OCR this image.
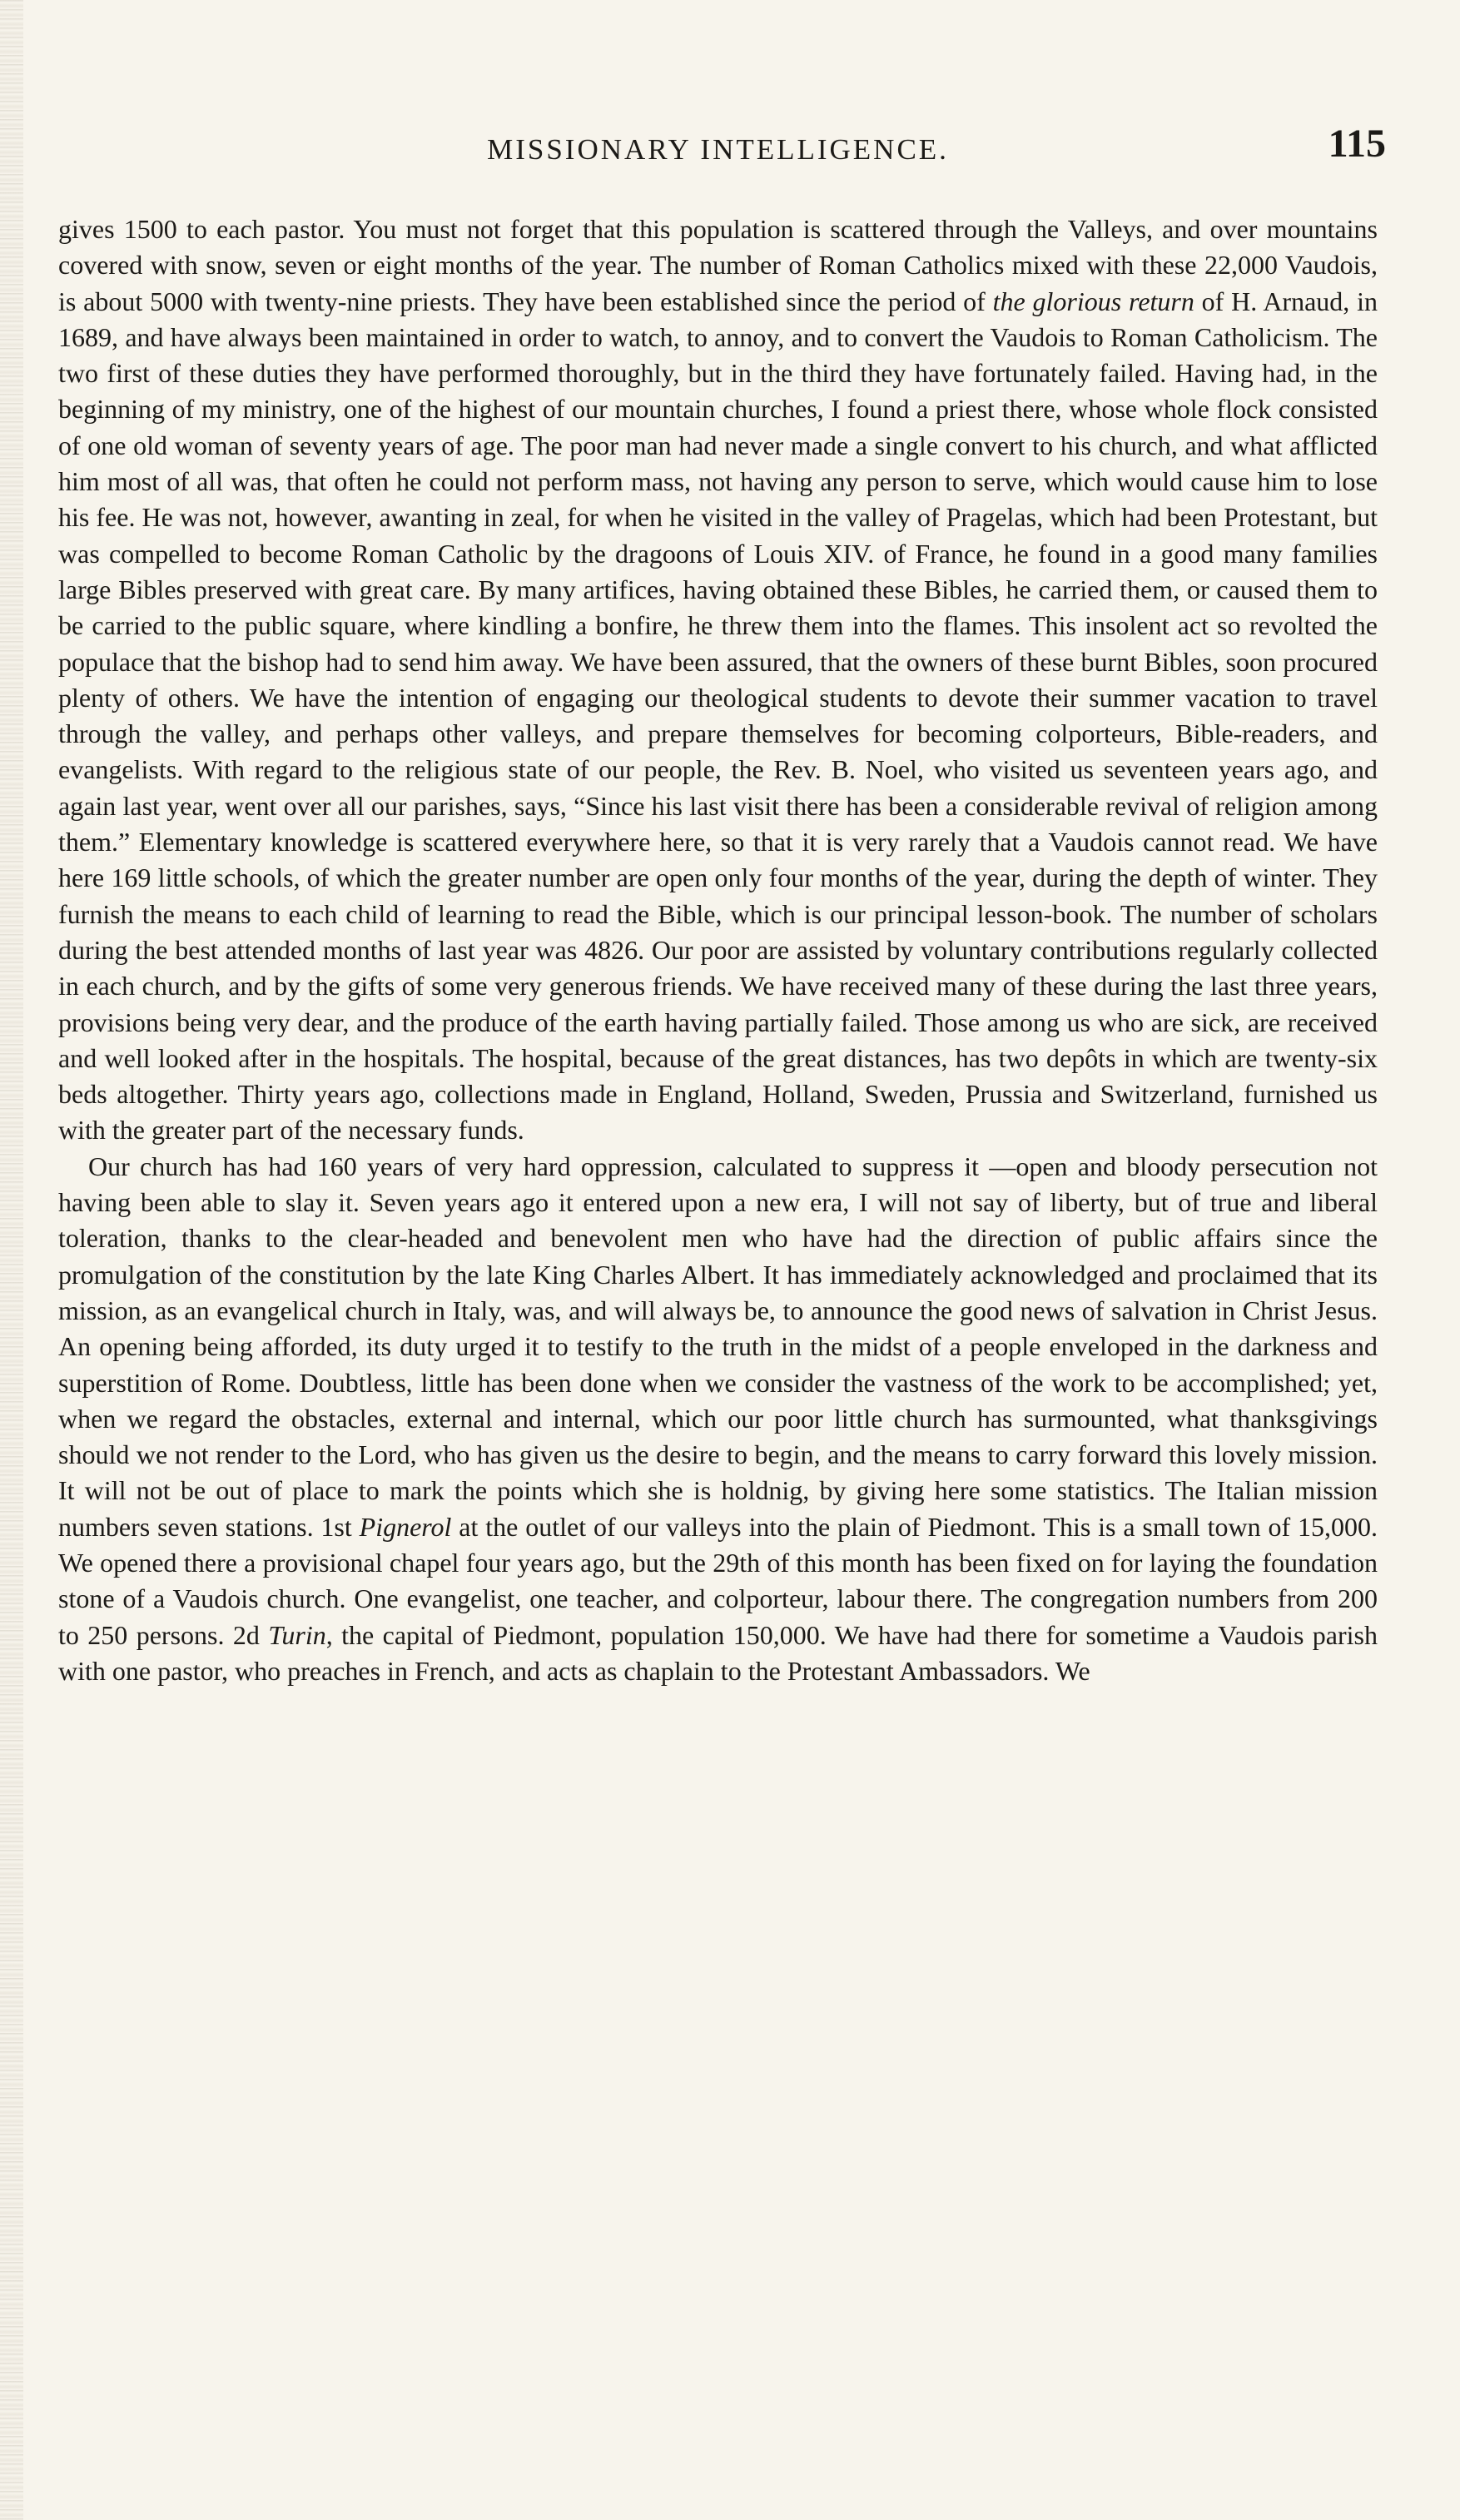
MISSIONARY INTELLIGENCE.	115

gives 1500 to each pastor. You must not forget that this population is scattered through the Valleys, and over mountains covered with snow, seven or eight months of the year. The number of Roman Catholics mixed with these 22,000 Vaudois, is about 5000 with twenty-nine priests. They have been established since the period of the glorious return of H. Arnaud, in 1689, and have always been maintained in order to watch, to annoy, and to convert the Vaudois to Roman Catholicism. The two first of these duties they have performed thoroughly, but in the third they have fortunately failed. Having had, in the beginning of my ministry, one of the highest of our mountain churches, I found a priest there, whose whole flock consisted of one old woman of seventy years of age. The poor man had never made a single convert to his church, and what afflicted him most of all was, that often he could not perform mass, not having any person to serve, which would cause him to lose his fee. He was not, however, awanting in zeal, for when he visited in the valley of Pragelas, which had been Protestant, but was compelled to become Roman Catholic by the dragoons of Louis XIV. of France, he found in a good many families large Bibles preserved with great care. By many artifices, having obtained these Bibles, he carried them, or caused them to be carried to the public square, where kindling a bonfire, he threw them into the flames. This insolent act so revolted the populace that the bishop had to send him away. We have been assured, that the owners of these burnt Bibles, soon procured plenty of others. We have the intention of engaging our theological students to devote their summer vacation to travel through the valley, and perhaps other valleys, and prepare themselves for becoming colporteurs, Bible-readers, and evangelists. With regard to the religious state of our people, the Rev. B. Noel, who visited us seventeen years ago, and again last year, went over all our parishes, says, “Since his last visit there has been a considerable revival of religion among them.” Elementary knowledge is scattered everywhere here, so that it is very rarely that a Vaudois cannot read. We have here 169 little schools, of which the greater number are open only four months of the year, during the depth of winter. They furnish the means to each child of learning to read the Bible, which is our principal lesson-book. The number of scholars during the best attended months of last year was 4826. Our poor are assisted by voluntary contributions regularly collected in each church, and by the gifts of some very generous friends. We have received many of these during the last three years, provisions being very dear, and the produce of the earth having partially failed. Those among us who are sick, are received and well looked after in the hospitals. The hospital, because of the great distances, has two depôts in which are twenty-six beds altogether. Thirty years ago, collections made in England, Holland, Sweden, Prussia and Switzerland, furnished us with the greater part of the necessary funds.

Our church has had 160 years of very hard oppression, calculated to suppress it —open and bloody persecution not having been able to slay it. Seven years ago it entered upon a new era, I will not say of liberty, but of true and liberal toleration, thanks to the clear-headed and benevolent men who have had the direction of public affairs since the promulgation of the constitution by the late King Charles Albert. It has immediately acknowledged and proclaimed that its mission, as an evangelical church in Italy, was, and will always be, to announce the good news of salvation in Christ Jesus. An opening being afforded, its duty urged it to testify to the truth in the midst of a people enveloped in the darkness and superstition of Rome. Doubtless, little has been done when we consider the vastness of the work to be accomplished; yet, when we regard the obstacles, external and internal, which our poor little church has surmounted, what thanksgivings should we not render to the Lord, who has given us the desire to begin, and the means to carry forward this lovely mission. It will not be out of place to mark the points which she is holdnig, by giving here some statistics. The Italian mission numbers seven stations. 1st Pignerol at the outlet of our valleys into the plain of Piedmont. This is a small town of 15,000. We opened there a provisional chapel four years ago, but the 29th of this month has been fixed on for laying the foundation stone of a Vaudois church. One evangelist, one teacher, and colporteur, labour there. The congregation numbers from 200 to 250 persons. 2d Turin, the capital of Piedmont, population 150,000. We have had there for sometime a Vaudois parish with one pastor, who preaches in French, and acts as chaplain to the Protestant Ambassadors. We
